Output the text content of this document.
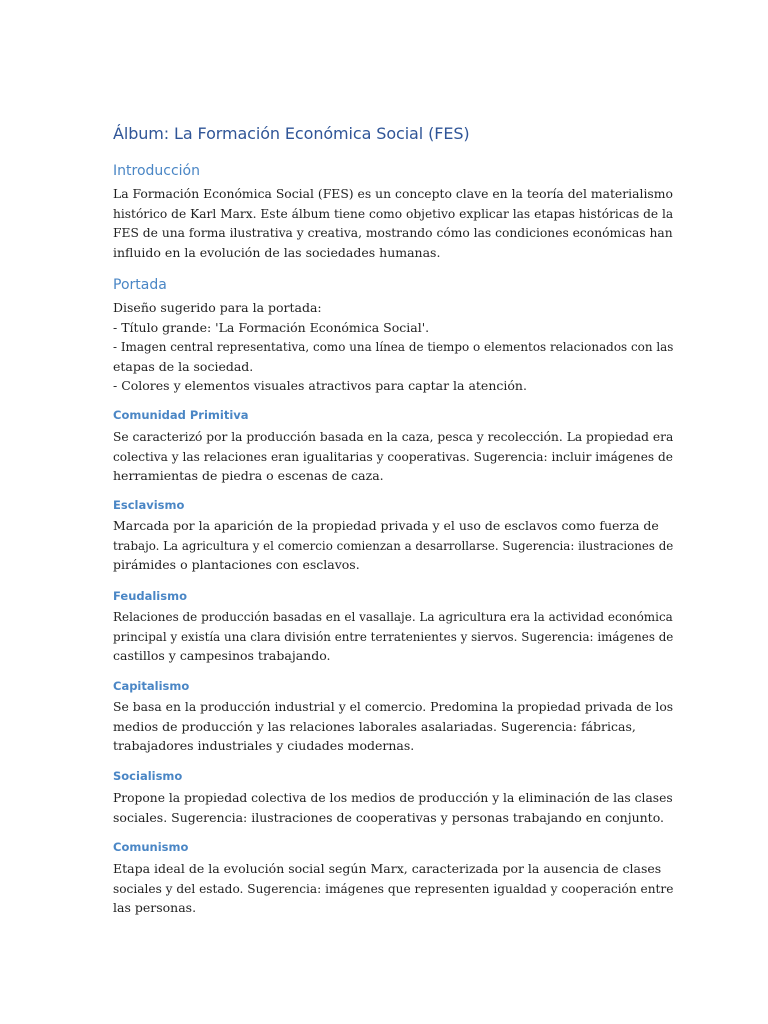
Álbum: La Formación Económica Social (FES)
Introducción
La Formación Económica Social (FES) es un concepto clave en la teoría del materialismo
histórico de Karl Marx. Este álbum tiene como objetivo explicar las etapas históricas de la
FES de una forma ilustrativa y creativa, mostrando cómo las condiciones económicas han
influido en la evolución de las sociedades humanas.
Portada
Diseño sugerido para la portada:
- Título grande: 'La Formación Económica Social'.
- Imagen central representativa, como una línea de tiempo o elementos relacionados con las
etapas de la sociedad.
- Colores y elementos visuales atractivos para captar la atención.
Comunidad Primitiva
Se caracterizó por la producción basada en la caza, pesca y recolección. La propiedad era
colectiva y las relaciones eran igualitarias y cooperativas. Sugerencia: incluir imágenes de
herramientas de piedra o escenas de caza.
Esclavismo
Marcada por la aparición de la propiedad privada y el uso de esclavos como fuerza de
trabajo. La agricultura y el comercio comienzan a desarrollarse. Sugerencia: ilustraciones de
pirámides o plantaciones con esclavos.
Feudalismo
Relaciones de producción basadas en el vasallaje. La agricultura era la actividad económica
principal y existía una clara división entre terratenientes y siervos. Sugerencia: imágenes de
castillos y campesinos trabajando.
Capitalismo
Se basa en la producción industrial y el comercio. Predomina la propiedad privada de los
medios de producción y las relaciones laborales asalariadas. Sugerencia: fábricas,
trabajadores industriales y ciudades modernas.
Socialismo
Propone la propiedad colectiva de los medios de producción y la eliminación de las clases
sociales. Sugerencia: ilustraciones de cooperativas y personas trabajando en conjunto.
Comunismo
Etapa ideal de la evolución social según Marx, caracterizada por la ausencia de clases
sociales y del estado. Sugerencia: imágenes que representen igualdad y cooperación entre
las personas.
